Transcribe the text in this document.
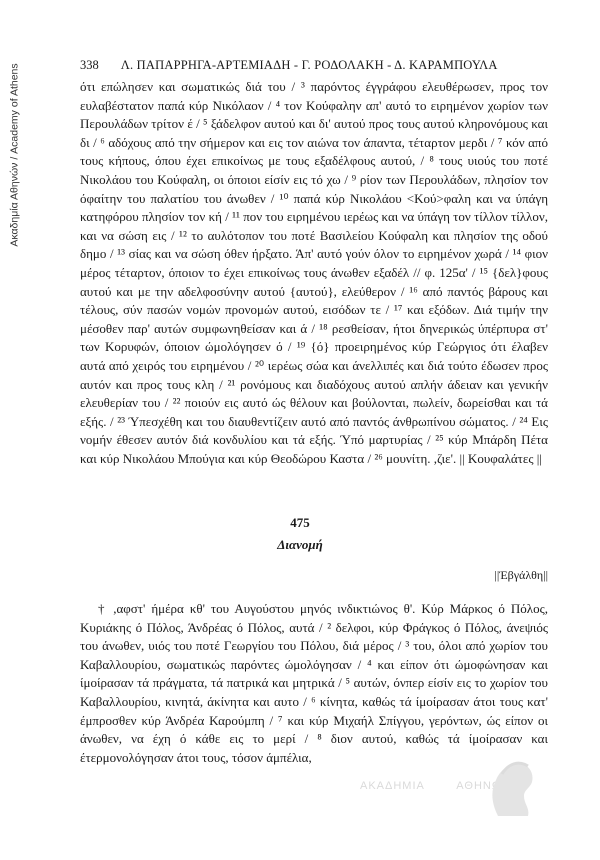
Ακαδημία Αθηνών / Academy of Athens	338 Λ. ΠΑΠΑΡΡΗΓΑ-ΑΡΤΕΜΙΑΔΗ - Γ. ΡΟΔΟΛΑΚΗ - Δ. ΚΑΡΑΜΠΟΥΛΑ

ότι επώλησεν και σωματικώς διά του / ³ παρόντος έγγράφου ελευθέρωσεν, προς τον ευλαβέστατον παπά κύρ Νικόλαον / ⁴ τον Κούφαλην απ' αυτό το ειρημένον χωρίον των Περουλάδων τρίτον έ / ⁵ ξάδελφον αυτού και δι' αυτού προς τους αυτού κληρονόμους και δι / ⁶ αδόχους από την σήμερον και εις τον αιώνα τον άπαντα, τέταρτον μερδι / ⁷ κόν από τους κήπους, όπου έχει επικοίνως με τους εξαδέλφους αυτού, / ⁸ τους υιούς του ποτέ Νικολάου του Κούφαλη, οι όποιοι είσίν εις τό χω / ⁹ ρίον των Περουλάδων, πλησίον τον όφαίτην του παλατίου του άνωθεν / ¹⁰ παπά κύρ Νικολάου <Κού>φαλη και να ύπάγη κατηφόρου πλησίον τον κή / ¹¹ πον του ειρημένου ιερέως και να ύπάγη τον τίλλον τίλλον, και να σώση εις / ¹² το αυλότοπον του ποτέ Βασιλείου Κούφαλη και πλησίον της οδού δημο / ¹³ σίας και να σώση όθεν ήρξατο. Άπ' αυτό γούν όλον το ειρημένον χωρά / ¹⁴ φιον μέρος τέταρτον, όποιον το έχει επικοίνως τους άνωθεν εξαδέλ // φ. 125α' / ¹⁵ {δελ}φους αυτού και με την αδελφοσύνην αυτού {αυτού}, ελεύθερον / ¹⁶ από παντός βάρους και τέλους, σύν πασών νομών προνομών αυτού, εισόδων τε / ¹⁷ και εξόδων. Διά τιμήν την μέσοθεν παρ' αυτών συμφωνηθείσαν και ά / ¹⁸ ρεσθείσαν, ήτοι δηνερικώς ύπέρπυρα στ' των Κορυφών, όποιον ώμολόγησεν ό / ¹⁹ {ό} προειρημένος κύρ Γεώργιος ότι έλαβεν αυτά από χειρός του ειρημένου / ²⁰ ιερέως σώα και άνελλιπές και διά τούτο έδωσεν προς αυτόν και προς τους κλη / ²¹ ρονόμους και διαδόχους αυτού απλήν άδειαν και γενικήν ελευθερίαν του / ²² ποιούν εις αυτό ώς θέλουν και βούλονται, πωλείν, δωρείσθαι και τά εξής. / ²³ Ύπεσχέθη και του διαυθεντίζειν αυτό από παντός άνθρωπίνου σώματος. / ²⁴ Εις νομήν έθεσεν αυτόν διά κονδυλίου και τά εξής. Ύπό μαρτυρίας / ²⁵ κύρ Μπάρδη Πέτα και κύρ Νικολάου Μπούγια και κύρ Θεοδώρου Καστα / ²⁶ μουνίτη. ,ζιε'. || Κουφαλάτες ||

475
Διανομή
||Έβγάλθη||

† ,αφστ' ήμέρα κθ' του Αυγούστου μηνός ινδικτιώνος θ'. Κύρ Μάρκος ό Πόλος, Κυριάκης ό Πόλος, Άνδρέας ό Πόλος, αυτά / ² δελφοι, κύρ Φράγκος ό Πόλος, άνεψιός του άνωθεν, υιός του ποτέ Γεωργίου του Πόλου, διά μέρος / ³ του, όλοι από χωρίον του Καβαλλουρίου, σωματικώς παρόντες ώμολόγησαν / ⁴ και είπον ότι ώμοφώνησαν και ίμοίρασαν τά πράγματα, τά πατρικά και μητρικά / ⁵ αυτών, όνπερ είσίν εις το χωρίον του Καβαλλουρίου, κινητά, άκίνητα και αυτο / ⁶ κίνητα, καθώς τά ίμοίρασαν άτοι τους κατ' έμπροσθεν κύρ Άνδρέα Καρούμπη / ⁷ και κύρ Μιχαήλ Σπίγγου, γερόντων, ώς είπον οι άνωθεν, να έχη ό κάθε εις το μερί / ⁸ διον αυτού, καθώς τά ίμοίρασαν και έτερμονολόγησαν άτοι τους, τόσον άμπέλια,

ΑΚΑΔΗΜΙΑ	ΑΘΗΝΩΝ
